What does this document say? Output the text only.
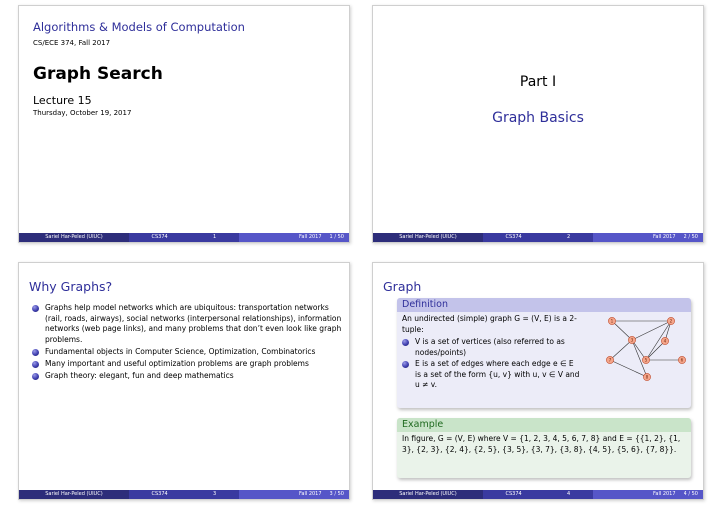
Algorithms & Models of Computation
CS/ECE 374, Fall 2017
Graph Search
Lecture 15
Thursday, October 19, 2017
Sariel Har-Peled (UIUC)	CS374	1	Fall 2017 1 / 50
Part I
Graph Basics
Sariel Har-Peled (UIUC)	CS374	2	Fall 2017 2 / 50
Why Graphs?
Graphs help model networks which are ubiquitous: transportation networks (rail, roads, airways), social networks (interpersonal relationships), information networks (web page links), and many problems that don’t even look like graph problems.
Fundamental objects in Computer Science, Optimization, Combinatorics
Many important and useful optimization problems are graph problems
Graph theory: elegant, fun and deep mathematics
Sariel Har-Peled (UIUC)	CS374	3	Fall 2017 3 / 50
Graph
Definition
An undirected (simple) graph G = (V, E) is a 2-tuple:
V is a set of vertices (also referred to as nodes/points)
E is a set of edges where each edge e ∈ E is a set of the form {u, v} with u, v ∈ V and u ≠ v.
1	2
3	4
5	6
7
8
Example
In figure, G = (V, E) where V = {1, 2, 3, 4, 5, 6, 7, 8} and E = {{1, 2}, {1, 3}, {2, 3}, {2, 4}, {2, 5}, {3, 5}, {3, 7}, {3, 8}, {4, 5}, {5, 6}, {7, 8}}.
Sariel Har-Peled (UIUC)	CS374	4	Fall 2017 4 / 50
